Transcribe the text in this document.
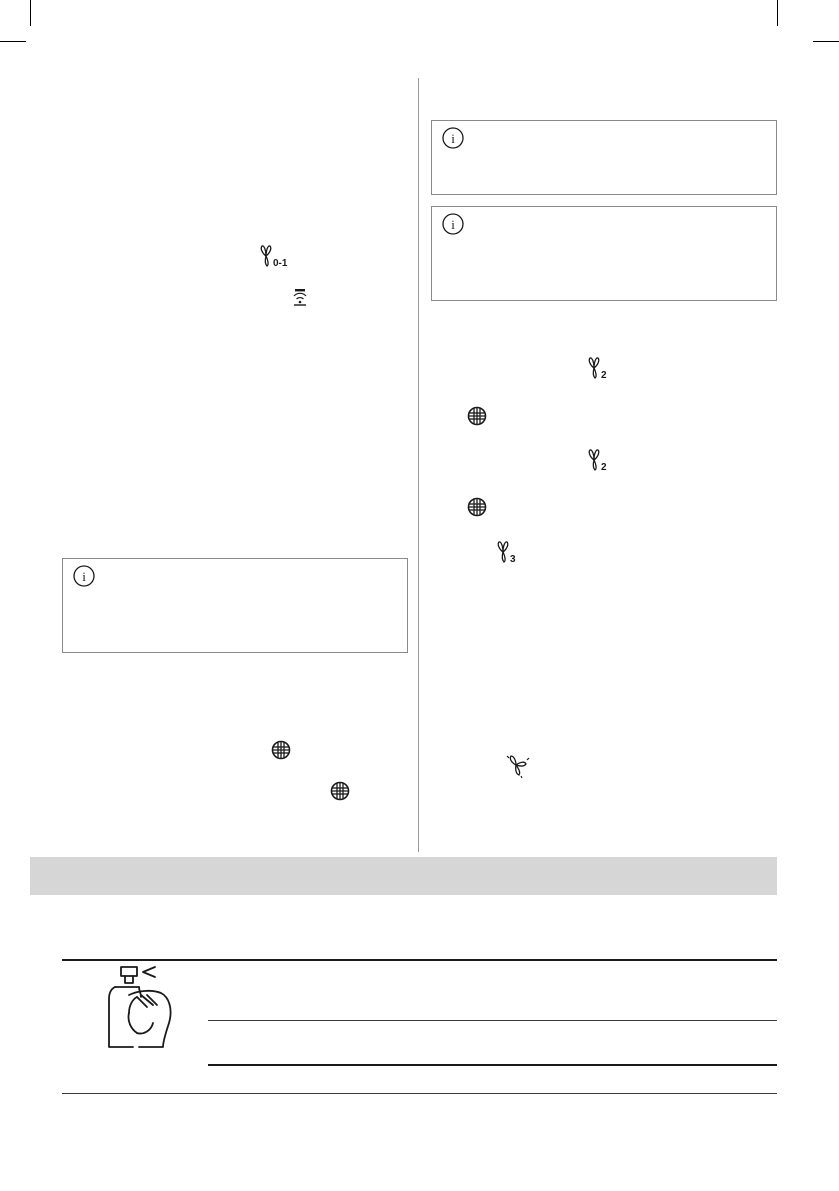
0-1
i
i
i
2
2
3
